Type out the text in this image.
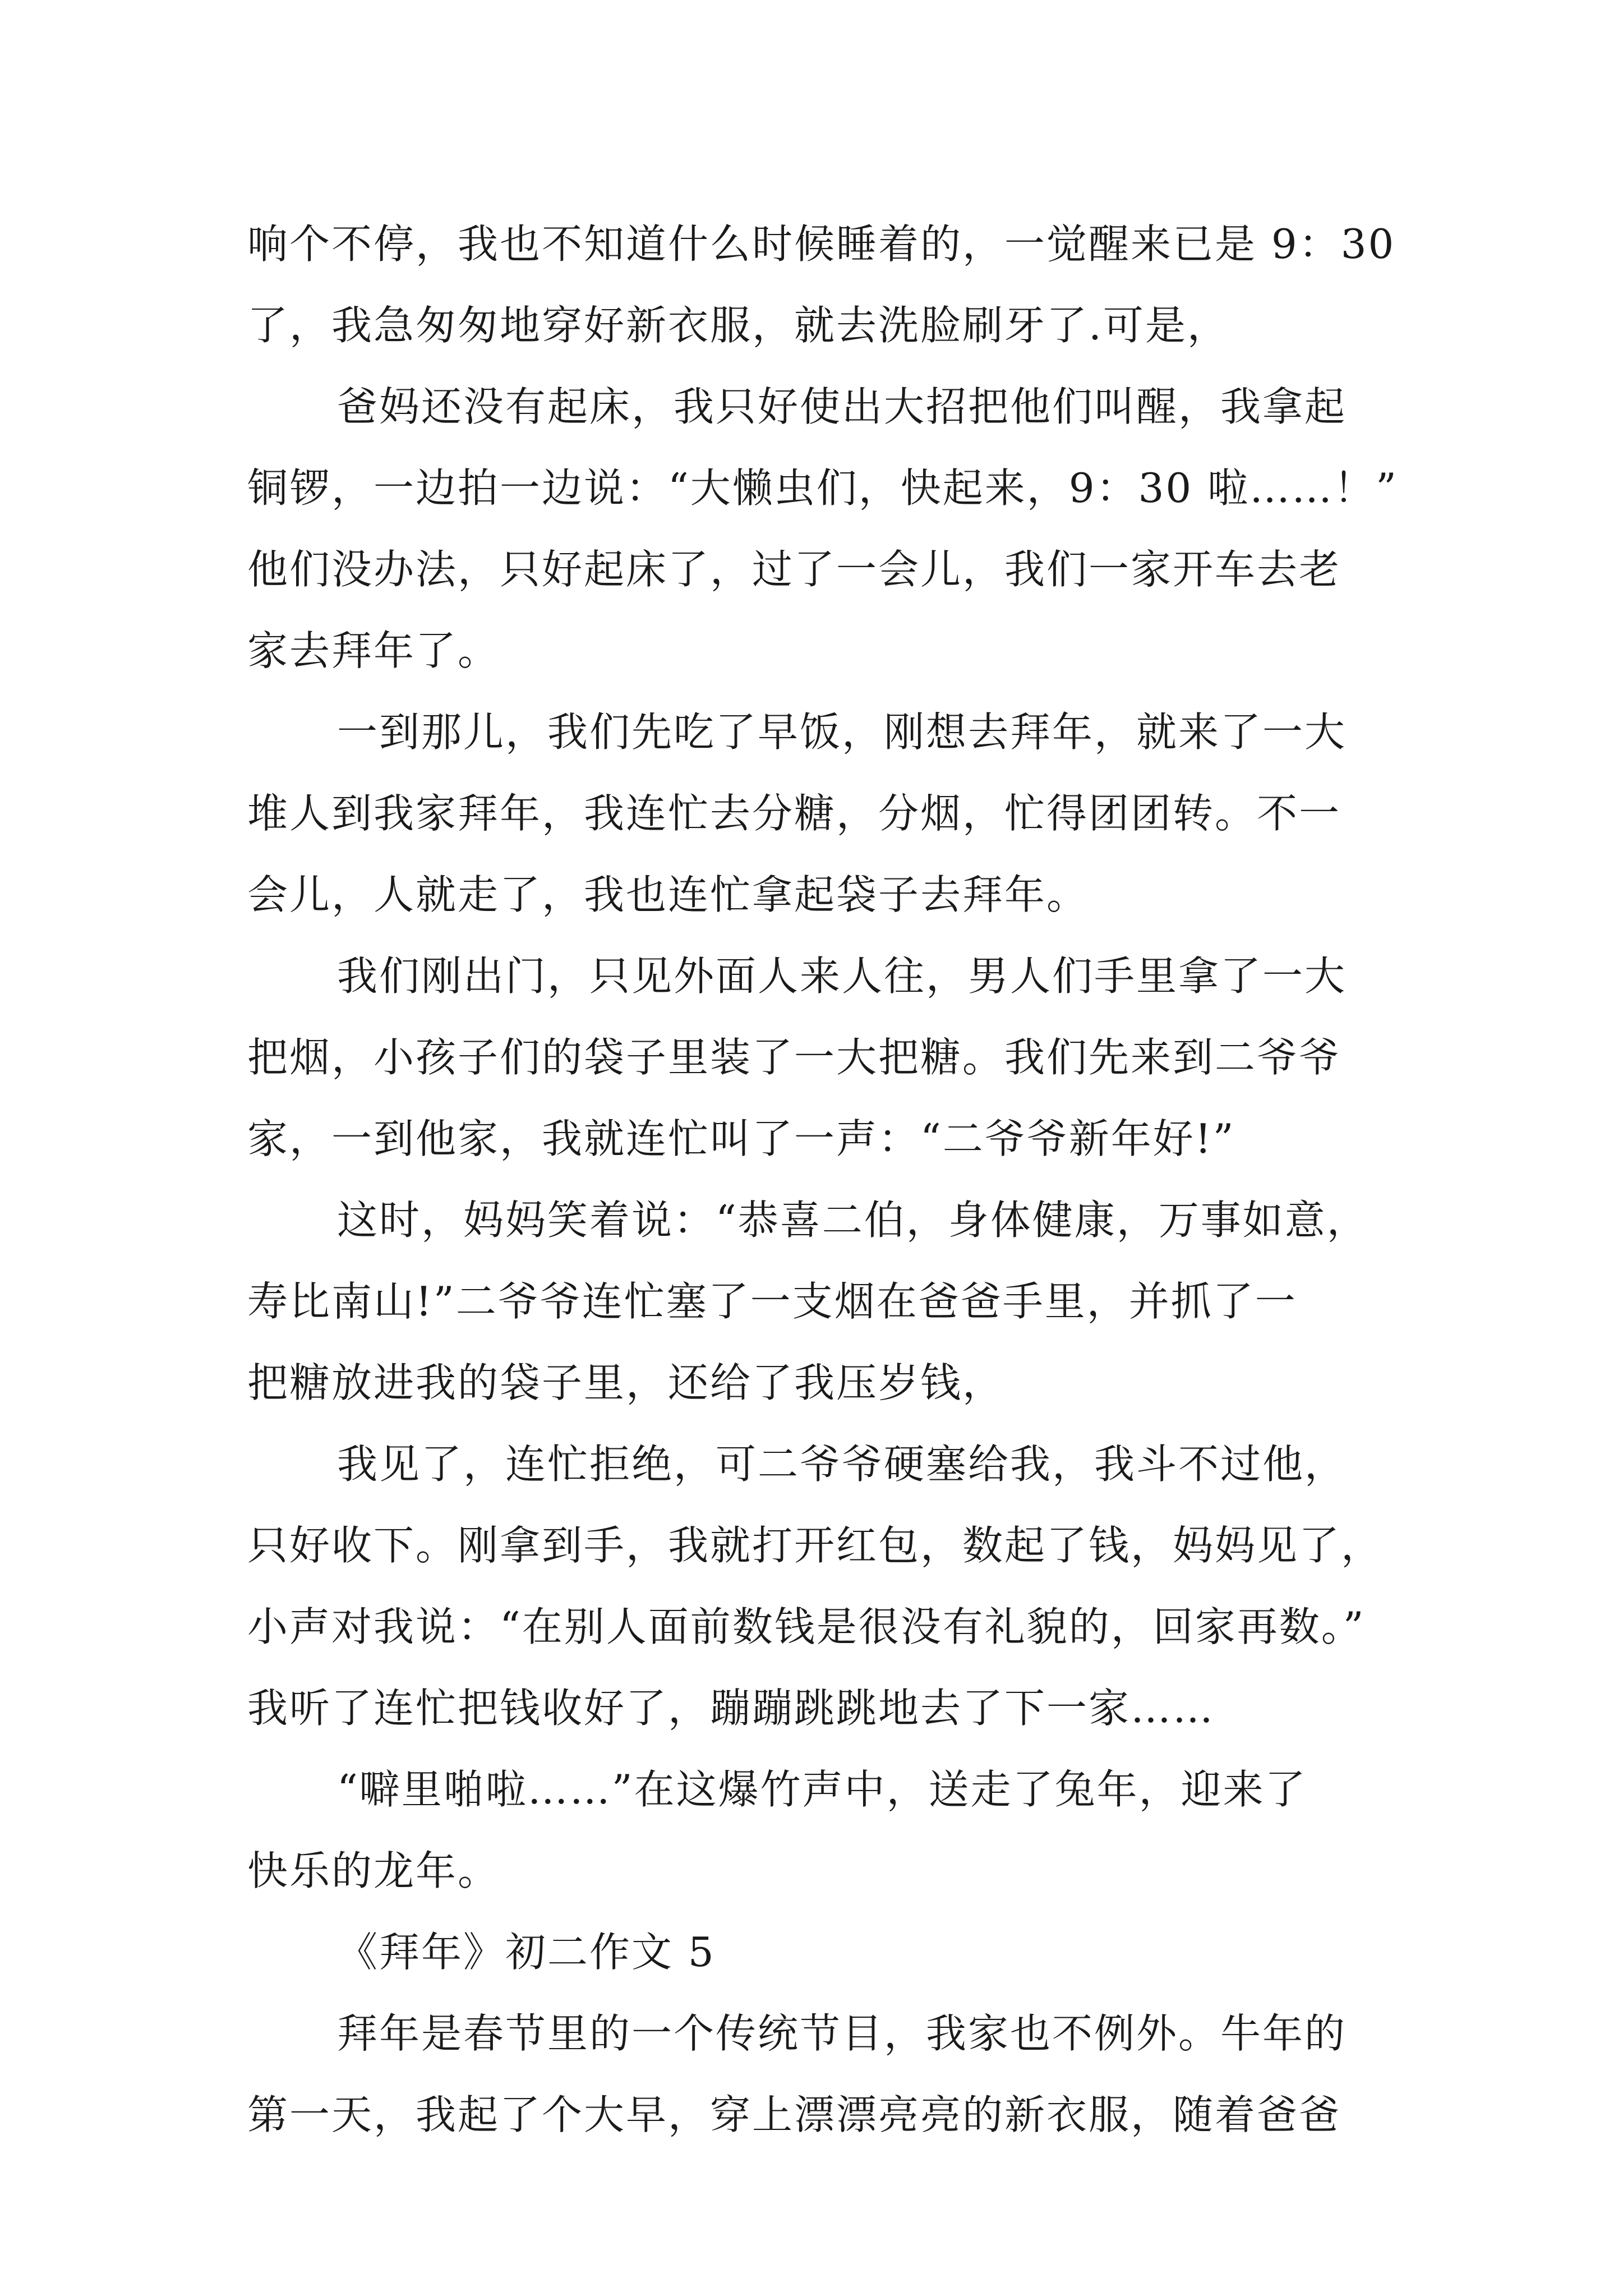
响个不停，我也不知道什么时候睡着的，一觉醒来已是 9：30
了，我急匆匆地穿好新衣服，就去洗脸刷牙了.可是，
爸妈还没有起床，我只好使出大招把他们叫醒，我拿起
铜锣，一边拍一边说：“大懒虫们，快起来，9：30 啦……！”
他们没办法，只好起床了，过了一会儿，我们一家开车去老
家去拜年了。
一到那儿，我们先吃了早饭，刚想去拜年，就来了一大
堆人到我家拜年，我连忙去分糖，分烟，忙得团团转。不一
会儿，人就走了，我也连忙拿起袋子去拜年。
我们刚出门，只见外面人来人往，男人们手里拿了一大
把烟，小孩子们的袋子里装了一大把糖。我们先来到二爷爷
家，一到他家，我就连忙叫了一声：“二爷爷新年好!”
这时，妈妈笑着说：“恭喜二伯，身体健康，万事如意，
寿比南山!”二爷爷连忙塞了一支烟在爸爸手里，并抓了一
把糖放进我的袋子里，还给了我压岁钱，
我见了，连忙拒绝，可二爷爷硬塞给我，我斗不过他，
只好收下。刚拿到手，我就打开红包，数起了钱，妈妈见了，
小声对我说：“在别人面前数钱是很没有礼貌的，回家再数。”
我听了连忙把钱收好了，蹦蹦跳跳地去了下一家……
“噼里啪啦……”在这爆竹声中，送走了兔年，迎来了
快乐的龙年。
《拜年》初二作文 5
拜年是春节里的一个传统节目，我家也不例外。牛年的
第一天，我起了个大早，穿上漂漂亮亮的新衣服，随着爸爸
